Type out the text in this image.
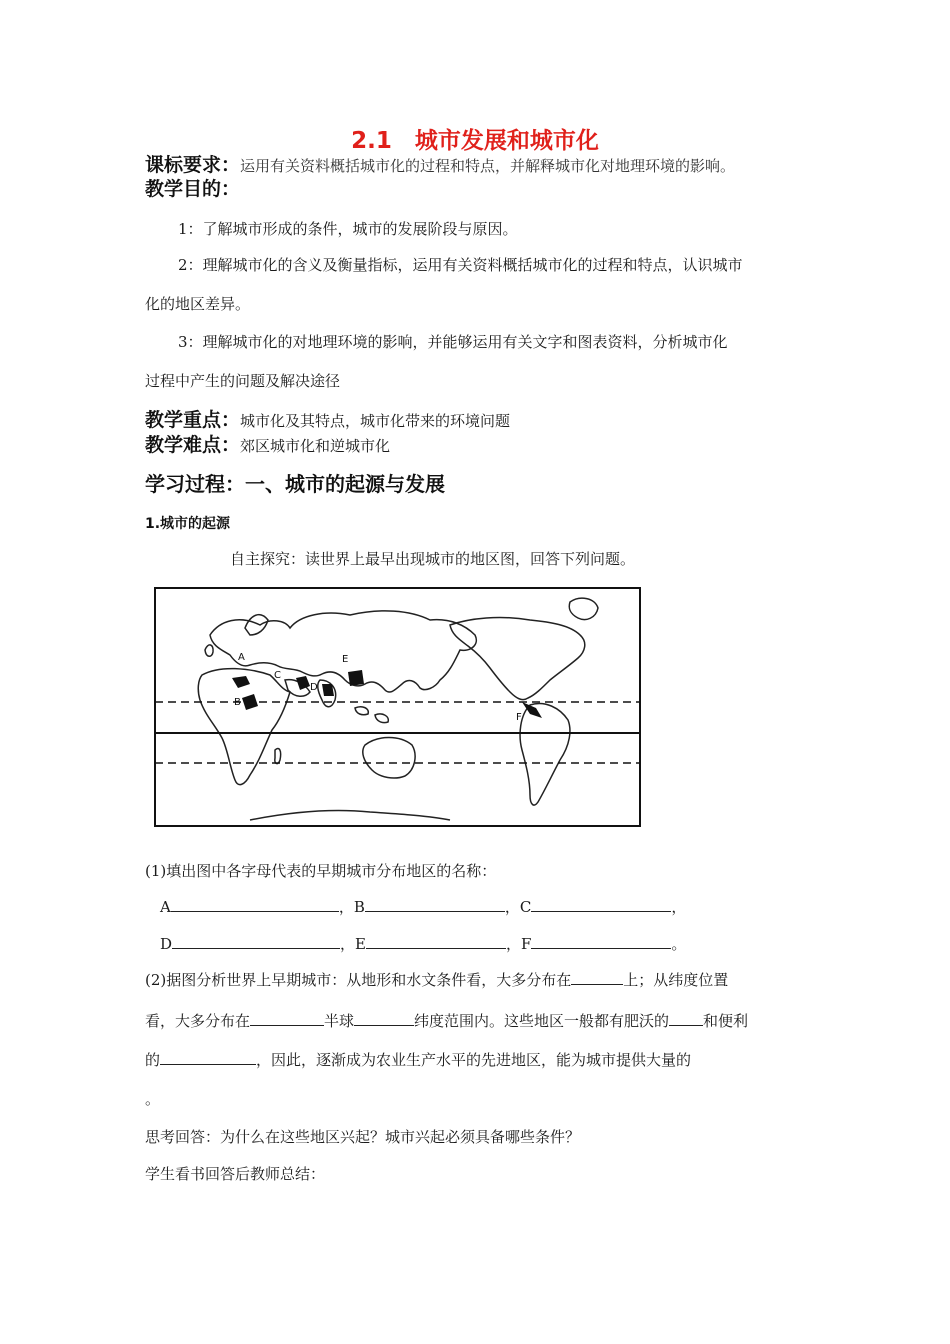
2.1　城市发展和城市化
课标要求：运用有关资料概括城市化的过程和特点，并解释城市化对地理环境的影响。
教学目的：
1：了解城市形成的条件，城市的发展阶段与原因。
2：理解城市化的含义及衡量指标，运用有关资料概括城市化的过程和特点，认识城市
化的地区差异。
3：理解城市化的对地理环境的影响，并能够运用有关文字和图表资料，分析城市化
过程中产生的问题及解决途径
教学重点：城市化及其特点，城市化带来的环境问题
教学难点：郊区城市化和逆城市化
学习过程：一、城市的起源与发展
1.城市的起源
自主探究：读世界上最早出现城市的地区图，回答下列问题。
A
B
C
D
E
F
(1)填出图中各字母代表的早期城市分布地区的名称：
A	，B	，C	，
D	，E	，F	。
(2)据图分析世界上早期城市：从地形和水文条件看，大多分布在	上；从纬度位置
看，大多分布在	半球	纬度范围内。这些地区一般都有肥沃的 和便利
的	，因此，逐渐成为农业生产水平的先进地区，能为城市提供大量的
。
思考回答：为什么在这些地区兴起？城市兴起必须具备哪些条件？
学生看书回答后教师总结：
